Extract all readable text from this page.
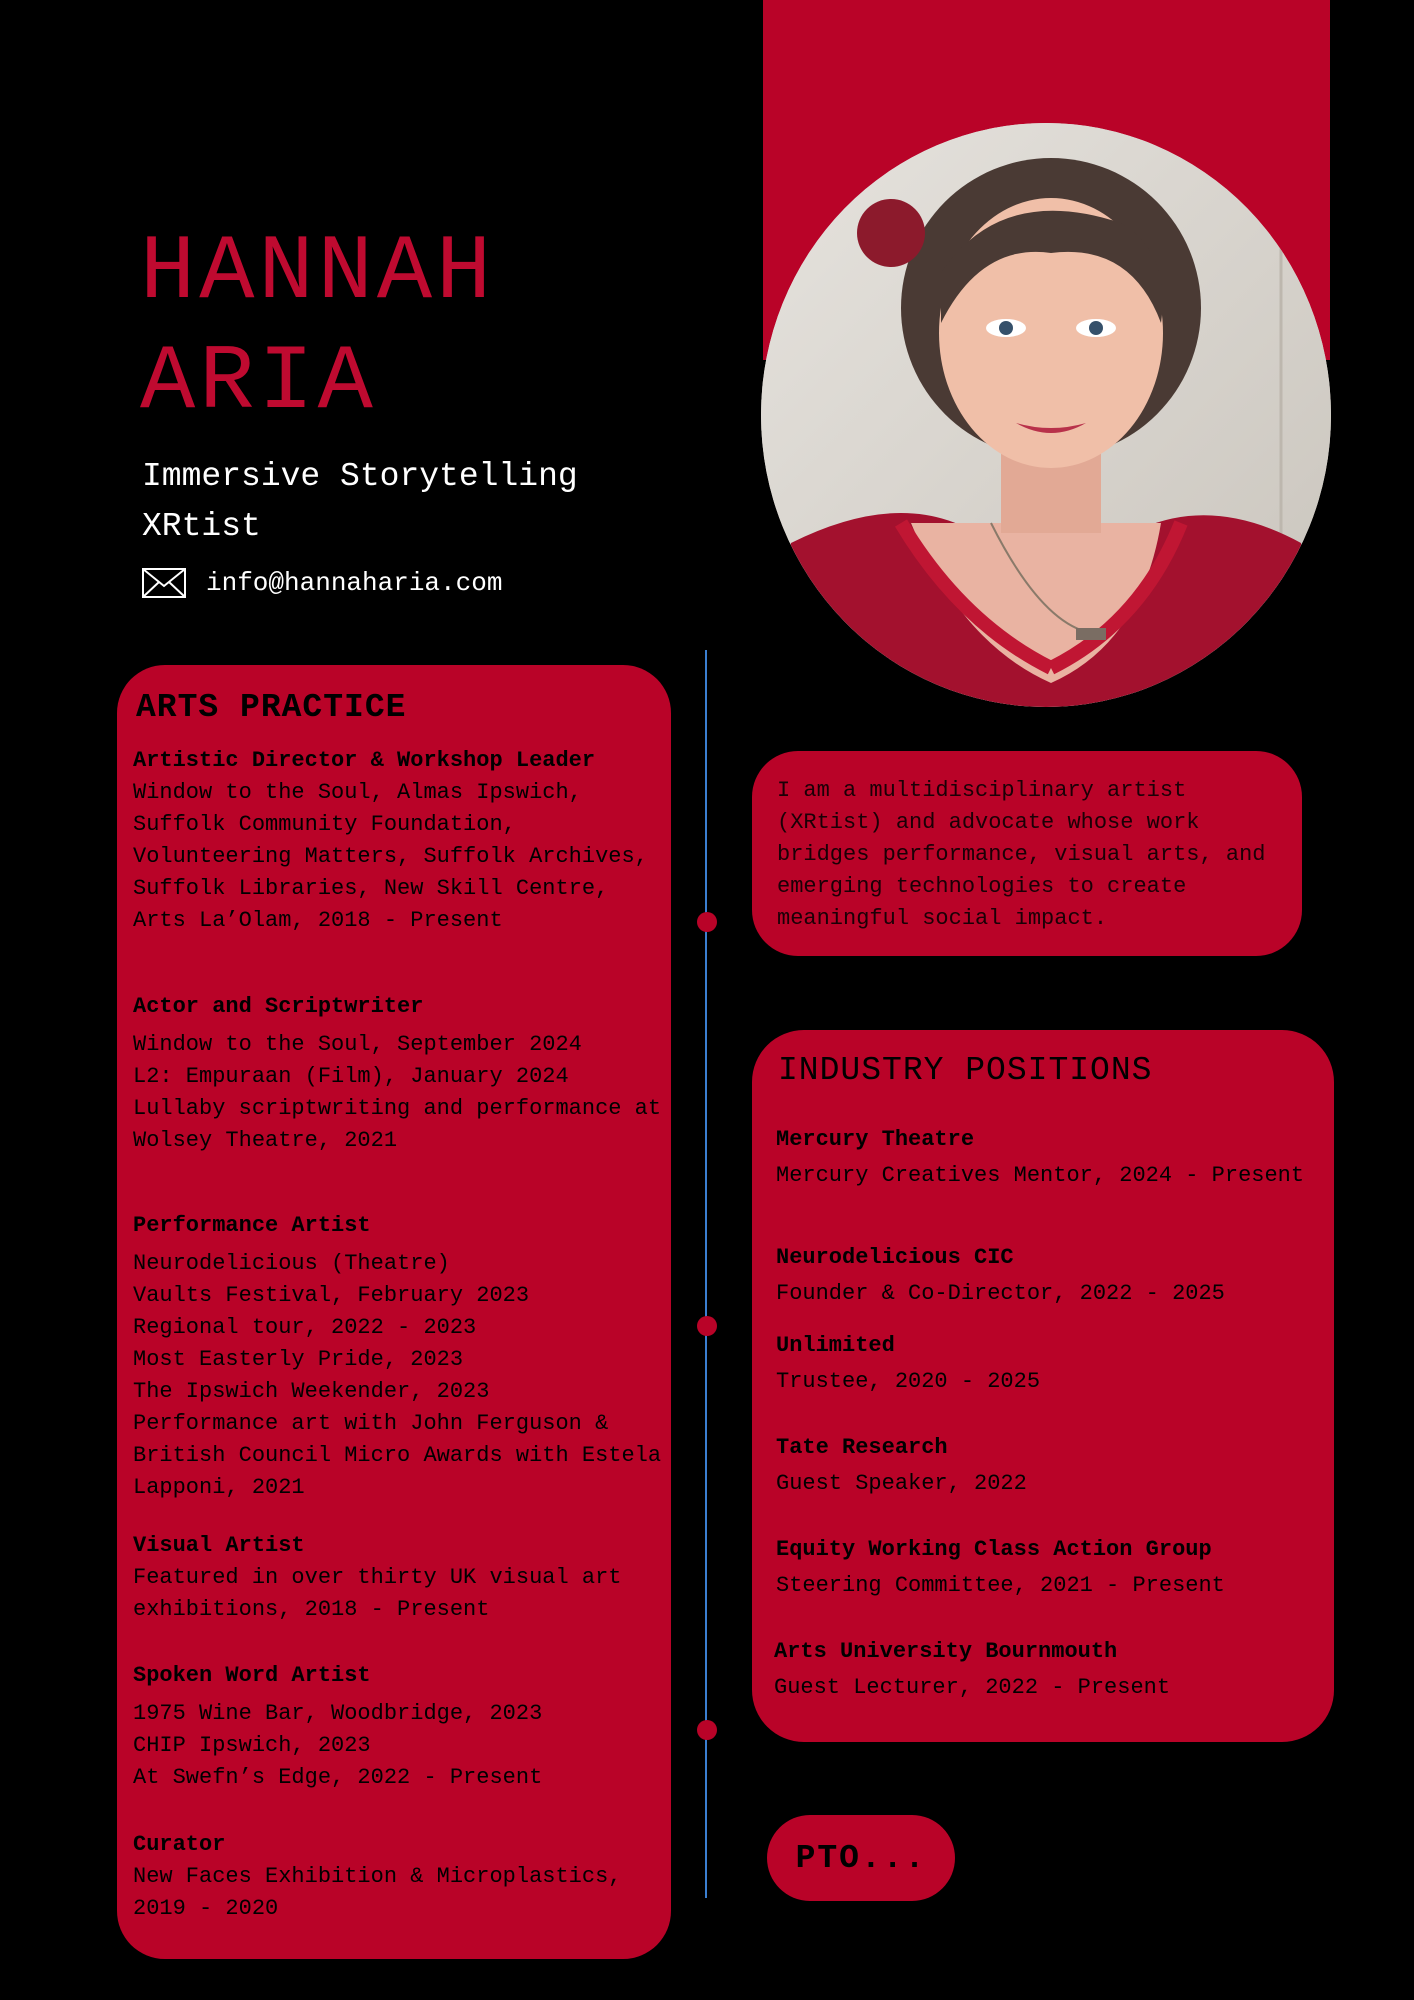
HANNAH
ARIA
Immersive Storytelling XRtist
info@hannaharia.com
ARTS PRACTICE
Artistic Director & Workshop Leader
Window to the Soul, Almas Ipswich, Suffolk Community Foundation, Volunteering Matters, Suffolk Archives, Suffolk Libraries, New Skill Centre, Arts La’Olam, 2018 - Present
Actor and Scriptwriter
Window to the Soul, September 2024
L2: Empuraan (Film), January 2024
Lullaby scriptwriting and performance at Wolsey Theatre, 2021
Performance Artist
Neurodelicious (Theatre)
Vaults Festival, February 2023
Regional tour, 2022 - 2023
Most Easterly Pride, 2023
The Ipswich Weekender, 2023
Performance art with John Ferguson & British Council Micro Awards with Estela Lapponi, 2021
Visual Artist
Featured in over thirty UK visual art exhibitions, 2018 - Present
Spoken Word Artist
1975 Wine Bar, Woodbridge, 2023
CHIP Ipswich, 2023
At Swefn’s Edge, 2022 - Present
Curator
New Faces Exhibition & Microplastics, 2019 - 2020
I am a multidisciplinary artist (XRtist) and advocate whose work bridges performance, visual arts, and emerging technologies to create meaningful social impact.
INDUSTRY POSITIONS
Mercury Theatre
Mercury Creatives Mentor, 2024 - Present
Neurodelicious CIC
Founder & Co-Director, 2022 - 2025
Unlimited
Trustee, 2020 - 2025
Tate Research
Guest Speaker, 2022
Equity Working Class Action Group
Steering Committee, 2021 - Present
Arts University Bournmouth
Guest Lecturer, 2022 - Present
PTO...
